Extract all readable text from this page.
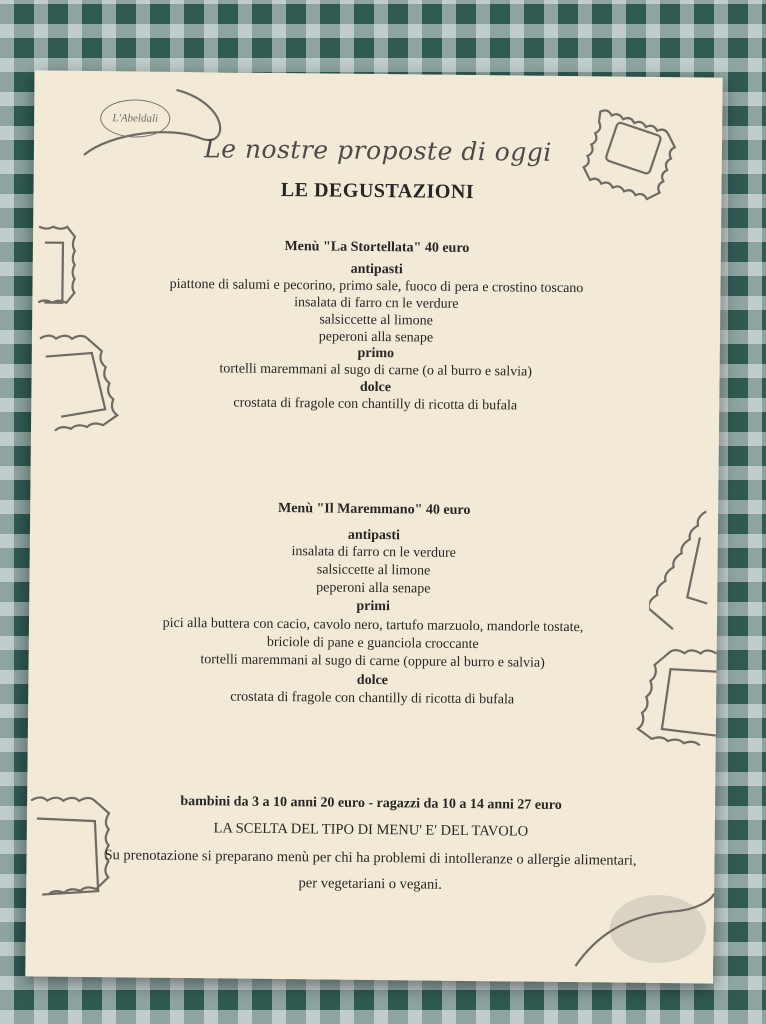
L'Abeldali
Le nostre proposte di oggi
LE DEGUSTAZIONI
Menù "La Stortellata" 40 euro
antipasti
piattone di salumi e pecorino, primo sale, fuoco di pera e crostino toscano
insalata di farro cn le verdure
salsiccette al limone
peperoni alla senape
primo
tortelli maremmani al sugo di carne (o al burro e salvia)
dolce
crostata di fragole con chantilly di ricotta di bufala
Menù "Il Maremmano" 40 euro
antipasti
insalata di farro cn le verdure
salsiccette al limone
peperoni alla senape
primi
pici alla buttera con cacio, cavolo nero, tartufo marzuolo, mandorle tostate,
briciole di pane e guanciola croccante
tortelli maremmani al sugo di carne (oppure al burro e salvia)
dolce
crostata di fragole con chantilly di ricotta di bufala
bambini da 3 a 10 anni 20 euro - ragazzi da 10 a 14 anni 27 euro
LA SCELTA DEL TIPO DI MENU' E' DEL TAVOLO
Su prenotazione si preparano menù per chi ha problemi di intolleranze o allergie alimentari,
per vegetariani o vegani.
